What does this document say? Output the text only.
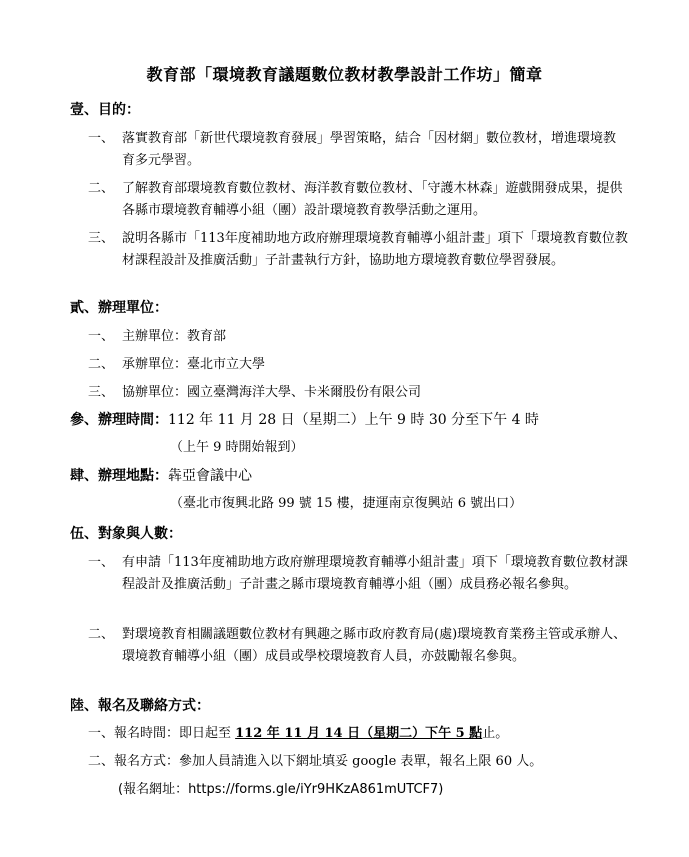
教育部「環境教育議題數位教材教學設計工作坊」簡章
壹、目的：
一、 落實教育部「新世代環境教育發展」學習策略，結合「因材網」數位教材，增進環境教育多元學習。
二、 了解教育部環境教育數位教材、海洋教育數位教材、「守護木林森」遊戲開發成果，提供各縣市環境教育輔導小組（團）設計環境教育教學活動之運用。
三、 說明各縣市「113年度補助地方政府辦理環境教育輔導小組計畫」項下「環境教育數位教材課程設計及推廣活動」子計畫執行方針，協助地方環境教育數位學習發展。
貳、辦理單位：
一、 主辦單位：教育部
二、 承辦單位：臺北市立大學
三、 協辦單位：國立臺灣海洋大學、卡米爾股份有限公司
參、辦理時間：112 年 11 月 28 日（星期二）上午 9 時 30 分至下午 4 時
（上午 9 時開始報到）
肆、辦理地點：犇亞會議中心
（臺北市復興北路 99 號 15 樓，捷運南京復興站 6 號出口）
伍、對象與人數：
一、 有申請「113年度補助地方政府辦理環境教育輔導小組計畫」項下「環境教育數位教材課程設計及推廣活動」子計畫之縣市環境教育輔導小組（團）成員務必報名參與。
二、 對環境教育相關議題數位教材有興趣之縣市政府教育局(處)環境教育業務主管或承辦人、環境教育輔導小組（團）成員或學校環境教育人員，亦鼓勵報名參與。
陸、報名及聯絡方式：
一、報名時間：即日起至 112 年 11 月 14 日（星期二）下午 5 點止。
二、報名方式：參加人員請進入以下網址填妥 google 表單，報名上限 60 人。
(報名網址：https://forms.gle/iYr9HKzA861mUTCF7)
